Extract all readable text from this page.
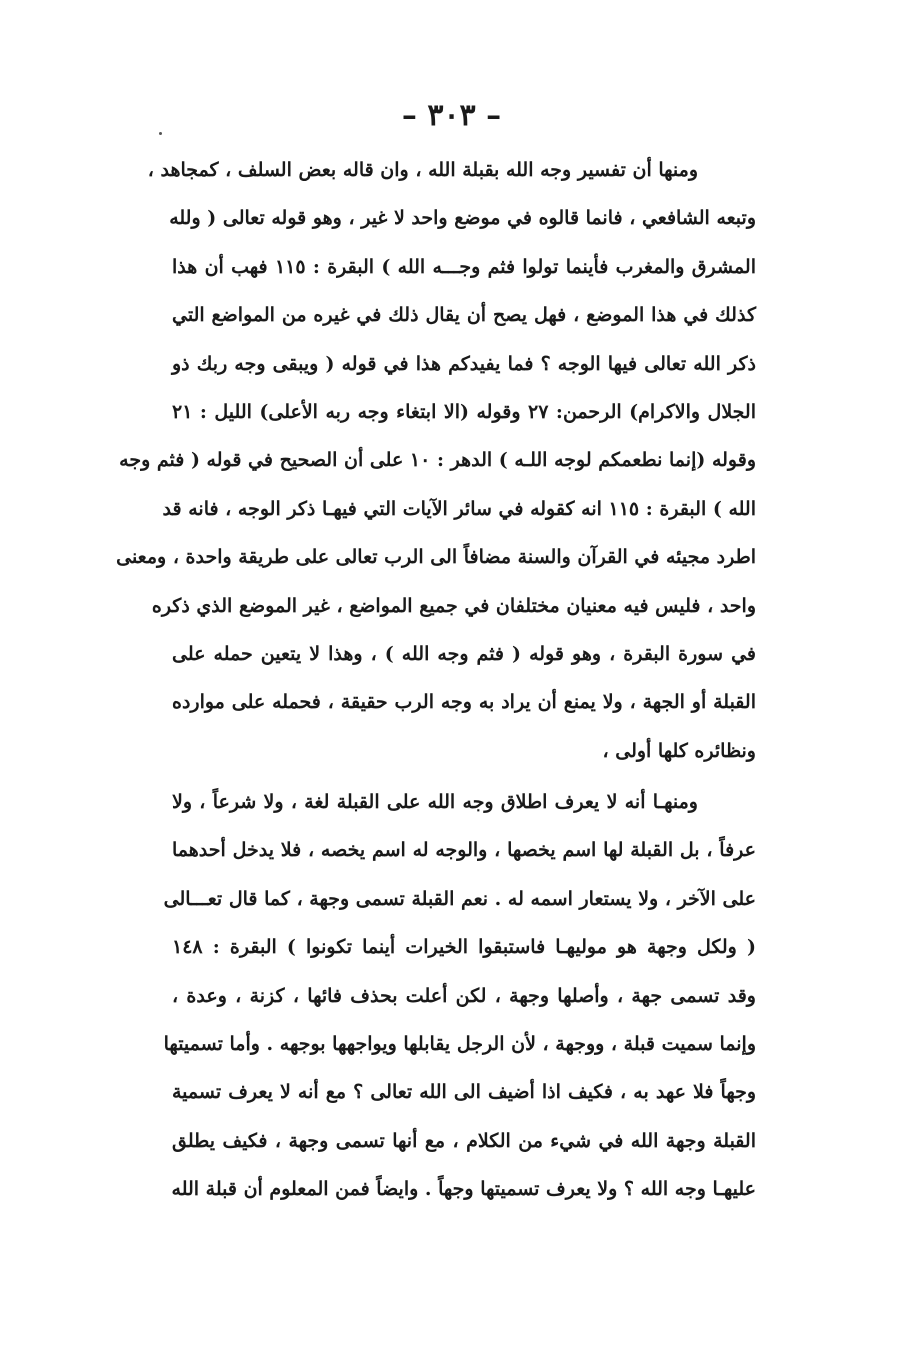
– ٣٠٣ –
ومنها أن تفسير وجه الله بقبلة الله ، وان قاله بعض السلف ، كمجاهد ،
وتبعه الشافعي ، فانما قالوه في موضع واحد لا غير ، وهو قوله تعالى ( ولله
المشرق والمغرب فأينما تولوا فثم وجـــه الله ) البقرة : ١١٥ فهب أن هذا
كذلك في هذا الموضع ، فهل يصح أن يقال ذلك في غيره من المواضع التي
ذكر الله تعالى فيها الوجه ؟ فما يفيدكم هذا في قوله ( ويبقى وجه ربك ذو
الجلال والاكرام) الرحمن: ٢٧ وقوله (الا ابتغاء وجه ربه الأعلى) الليل : ٢١
وقوله (إنما نطعمكم لوجه اللـه ) الدهر : ١٠ على أن الصحيح في قوله ( فثم وجه
الله ) البقرة : ١١٥ انه كقوله في سائر الآيات التي فيهـا ذكر الوجه ، فانه قد
اطرد مجيئه في القرآن والسنة مضافاً الى الرب تعالى على طريقة واحدة ، ومعنى
واحد ، فليس فيه معنيان مختلفان في جميع المواضع ، غير الموضع الذي ذكره
في سورة البقرة ، وهو قوله ( فثم وجه الله ) ، وهذا لا يتعين حمله على
القبلة أو الجهة ، ولا يمنع أن يراد به وجه الرب حقيقة ، فحمله على موارده
ونظائره كلها أولى ،
ومنهـا أنه لا يعرف اطلاق وجه الله على القبلة لغة ، ولا شرعاً ، ولا
عرفاً ، بل القبلة لها اسم يخصها ، والوجه له اسم يخصه ، فلا يدخل أحدهما
على الآخر ، ولا يستعار اسمه له . نعم القبلة تسمى وجهة ، كما قال تعـــالى
( ولكل وجهة هو موليهـا فاستبقوا الخيرات أينما تكونوا ) البقرة : ١٤٨
وقد تسمى جهة ، وأصلها وجهة ، لكن أعلت بحذف فائها ، كزنة ، وعدة ،
وإنما سميت قبلة ، ووجهة ، لأن الرجل يقابلها ويواجهها بوجهه . وأما تسميتها
وجهاً فلا عهد به ، فكيف اذا أضيف الى الله تعالى ؟ مع أنه لا يعرف تسمية
القبلة وجهة الله في شيء من الكلام ، مع أنها تسمى وجهة ، فكيف يطلق
عليهـا وجه الله ؟ ولا يعرف تسميتها وجهاً . وايضاً فمن المعلوم أن قبلة الله
